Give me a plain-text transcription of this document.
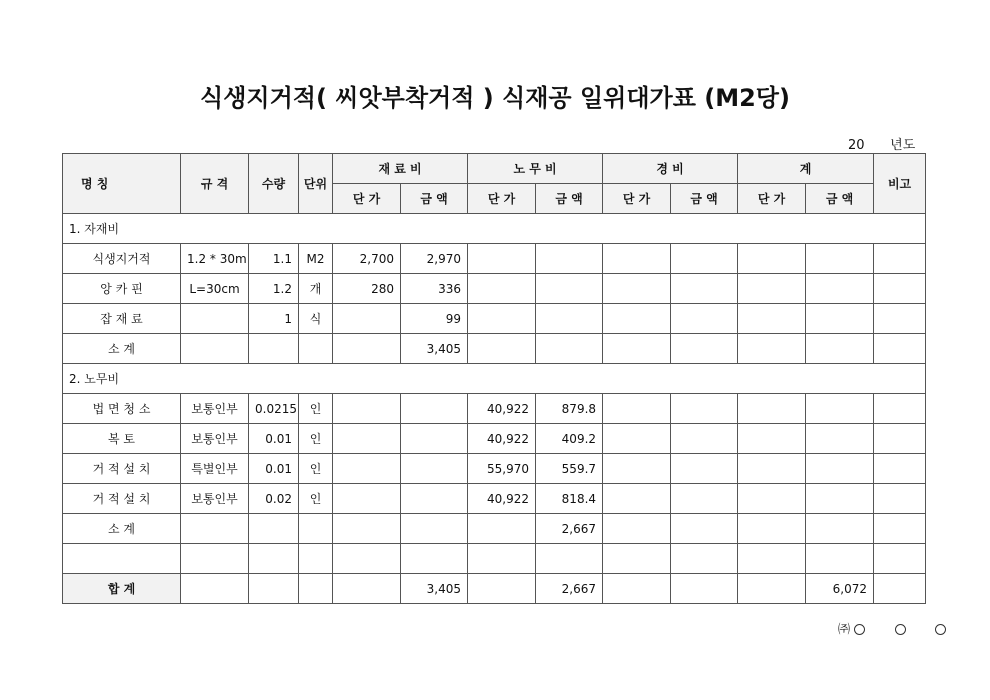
식생지거적( 씨앗부착거적 ) 식재공 일위대가표 (M2당)
20 년도
명 칭	규 격	수량	단위	재 료 비		노 무 비		경 비		계		비고
				단 가	금 액	단 가	금 액	단 가	금 액	단 가	금 액	
1. 자재비												
식생지거적	1.2 * 30m	1.1	M2	2,700	2,970							
앙 카 핀	L=30cm	1.2	개	280	336							
잡 재 료		1	식		99							
소 계					3,405							
2. 노무비												
법 면 청 소	보통인부	0.0215	인			40,922	879.8					
복 토	보통인부	0.01	인			40,922	409.2					
거 적 설 치	특별인부	0.01	인			55,970	559.7					
거 적 설 치	보통인부	0.02	인			40,922	818.4					
소 계							2,667					

합 계					3,405		2,667				6,072	
㈜
